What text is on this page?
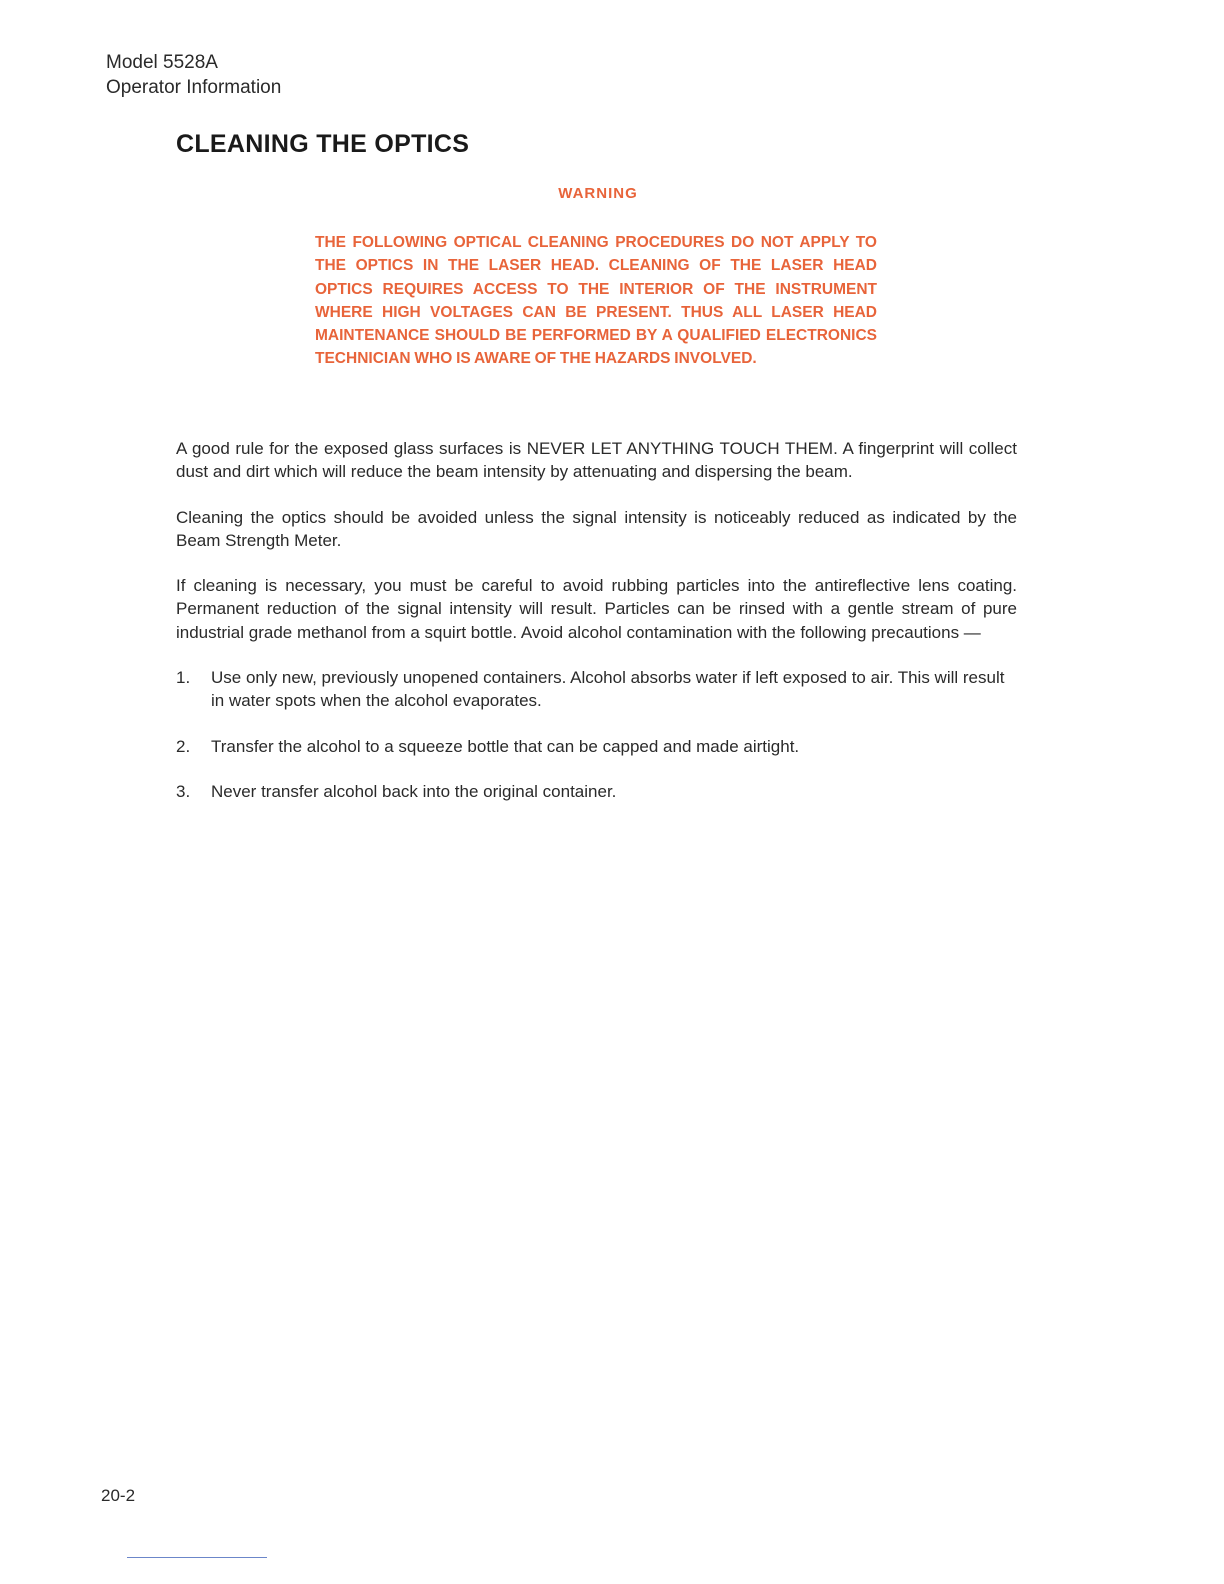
Model 5528A
Operator Information
CLEANING THE OPTICS
WARNING

THE FOLLOWING OPTICAL CLEANING PROCEDURES DO NOT APPLY TO THE OPTICS IN THE LASER HEAD. CLEANING OF THE LASER HEAD OPTICS REQUIRES ACCESS TO THE INTERIOR OF THE INSTRUMENT WHERE HIGH VOLTAGES CAN BE PRESENT. THUS ALL LASER HEAD MAINTENANCE SHOULD BE PERFORMED BY A QUALIFIED ELECTRONICS TECHNICIAN WHO IS AWARE OF THE HAZARDS INVOLVED.

A good rule for the exposed glass surfaces is NEVER LET ANYTHING TOUCH THEM. A fingerprint will collect dust and dirt which will reduce the beam intensity by attenuating and dispersing the beam.

Cleaning the optics should be avoided unless the signal intensity is noticeably reduced as indicated by the Beam Strength Meter.

If cleaning is necessary, you must be careful to avoid rubbing particles into the antireflective lens coating. Permanent reduction of the signal intensity will result. Particles can be rinsed with a gentle stream of pure industrial grade methanol from a squirt bottle. Avoid alcohol contamination with the following precautions —

1. Use only new, previously unopened containers. Alcohol absorbs water if left exposed to air. This will result in water spots when the alcohol evaporates.
2. Transfer the alcohol to a squeeze bottle that can be capped and made airtight.
3. Never transfer alcohol back into the original container.
20-2
